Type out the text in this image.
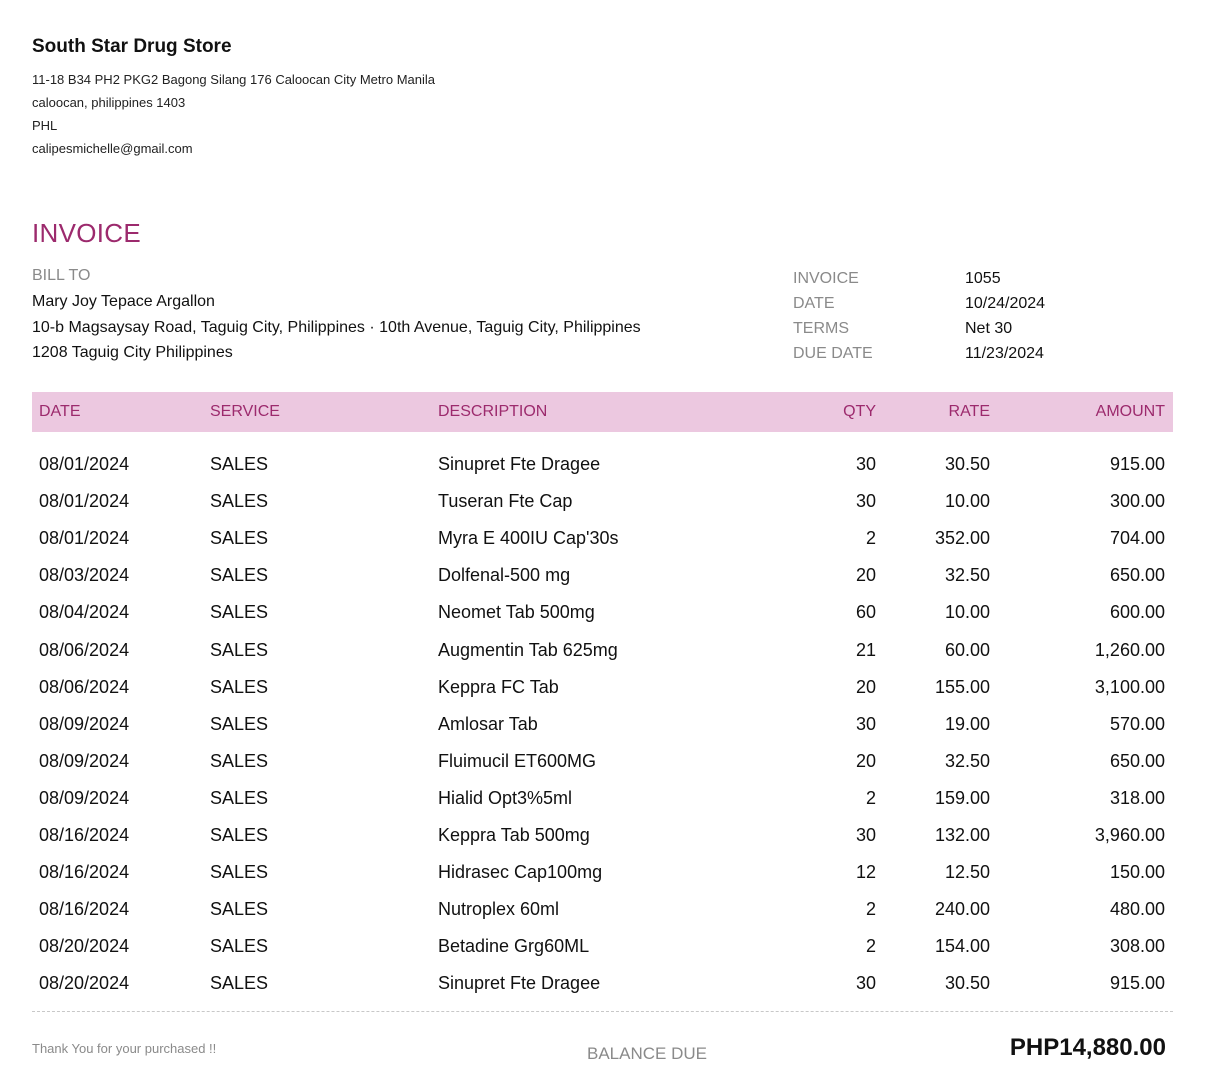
South Star Drug Store
11-18 B34 PH2 PKG2 Bagong Silang 176 Caloocan City Metro Manila
caloocan, philippines 1403
PHL
calipesmichelle@gmail.com
INVOICE
BILL TO
Mary Joy Tepace Argallon
10-b Magsaysay Road, Taguig City, Philippines · 10th Avenue, Taguig City, Philippines
1208 Taguig City Philippines
INVOICE	1055
DATE	10/24/2024
TERMS	Net 30
DUE DATE	11/23/2024
DATE	SERVICE	DESCRIPTION	QTY	RATE	AMOUNT
08/01/2024	SALES	Sinupret Fte Dragee	30	30.50	915.00
08/01/2024	SALES	Tuseran Fte Cap	30	10.00	300.00
08/01/2024	SALES	Myra E 400IU Cap'30s	2	352.00	704.00
08/03/2024	SALES	Dolfenal-500 mg	20	32.50	650.00
08/04/2024	SALES	Neomet Tab 500mg	60	10.00	600.00
08/06/2024	SALES	Augmentin Tab 625mg	21	60.00	1,260.00
08/06/2024	SALES	Keppra FC Tab	20	155.00	3,100.00
08/09/2024	SALES	Amlosar Tab	30	19.00	570.00
08/09/2024	SALES	Fluimucil ET600MG	20	32.50	650.00
08/09/2024	SALES	Hialid Opt3%5ml	2	159.00	318.00
08/16/2024	SALES	Keppra Tab 500mg	30	132.00	3,960.00
08/16/2024	SALES	Hidrasec Cap100mg	12	12.50	150.00
08/16/2024	SALES	Nutroplex 60ml	2	240.00	480.00
08/20/2024	SALES	Betadine Grg60ML	2	154.00	308.00
08/20/2024	SALES	Sinupret Fte Dragee	30	30.50	915.00
Thank You for your purchased !!	BALANCE DUE	PHP14,880.00
